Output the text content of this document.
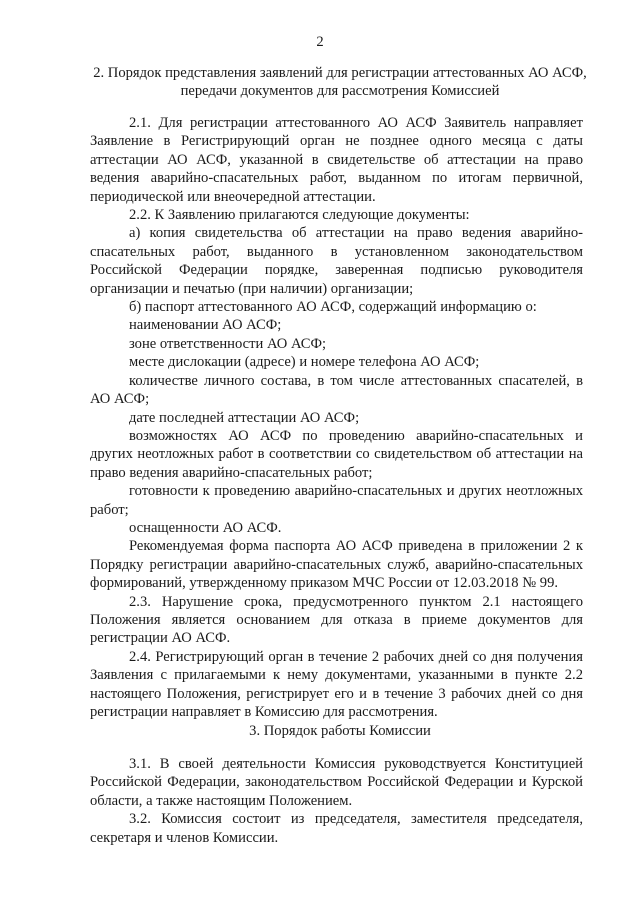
2
2. Порядок представления заявлений для регистрации аттестованных АО АСФ, передачи документов для рассмотрения Комиссией

2.1. Для регистрации аттестованного АО АСФ Заявитель направляет Заявление в Регистрирующий орган не позднее одного месяца с даты аттестации АО АСФ, указанной в свидетельстве об аттестации на право ведения аварийно-спасательных работ, выданном по итогам первичной, периодической или внеочередной аттестации.

2.2. К Заявлению прилагаются следующие документы:

а) копия свидетельства об аттестации на право ведения аварийно-спасательных работ, выданного в установленном законодательством Российской Федерации порядке, заверенная подписью руководителя организации и печатью (при наличии) организации;

б) паспорт аттестованного АО АСФ, содержащий информацию о:

наименовании АО АСФ;

зоне ответственности АО АСФ;

месте дислокации (адресе) и номере телефона АО АСФ;

количестве личного состава, в том числе аттестованных спасателей, в АО АСФ;

дате последней аттестации АО АСФ;

возможностях АО АСФ по проведению аварийно-спасательных и других неотложных работ в соответствии со свидетельством об аттестации на право ведения аварийно-спасательных работ;

готовности к проведению аварийно-спасательных и других неотложных работ;

оснащенности АО АСФ.

Рекомендуемая форма паспорта АО АСФ приведена в приложении 2 к Порядку регистрации аварийно-спасательных служб, аварийно-спасательных формирований, утвержденному приказом МЧС России от 12.03.2018 № 99.

2.3. Нарушение срока, предусмотренного пунктом 2.1 настоящего Положения является основанием для отказа в приеме документов для регистрации АО АСФ.

2.4. Регистрирующий орган в течение 2 рабочих дней со дня получения Заявления с прилагаемыми к нему документами, указанными в пункте 2.2 настоящего Положения, регистрирует его и в течение 3 рабочих дней со дня регистрации направляет в Комиссию для рассмотрения.

3. Порядок работы Комиссии

3.1. В своей деятельности Комиссия руководствуется Конституцией Российской Федерации, законодательством Российской Федерации и Курской области, а также настоящим Положением.

3.2. Комиссия состоит из председателя, заместителя председателя, секретаря и членов Комиссии.
